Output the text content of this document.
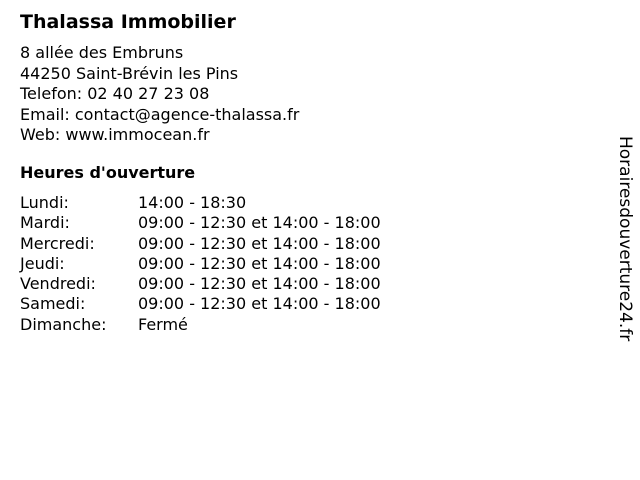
Thalassa Immobilier
8 allée des Embruns
44250 Saint-Brévin les Pins
Telefon: 02 40 27 23 08
Email: contact@agence-thalassa.fr
Web: www.immocean.fr
Heures d'ouverture
Lundi:	14:00 - 18:30
Mardi:	09:00 - 12:30 et 14:00 - 18:00
Mercredi:	09:00 - 12:30 et 14:00 - 18:00
Jeudi:	09:00 - 12:30 et 14:00 - 18:00
Vendredi:	09:00 - 12:30 et 14:00 - 18:00
Samedi:	09:00 - 12:30 et 14:00 - 18:00
Dimanche:	Fermé	Horairesdouverture24.fr
